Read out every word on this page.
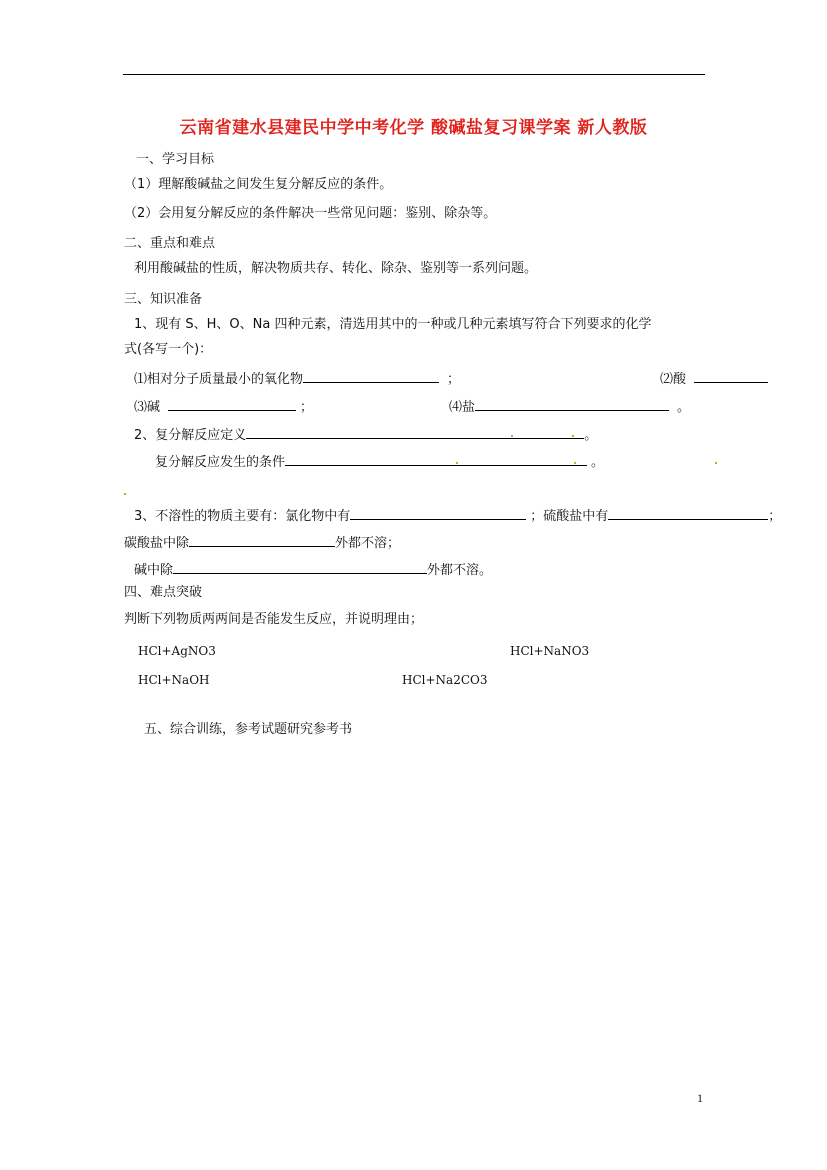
云南省建水县建民中学中考化学 酸碱盐复习课学案 新人教版
一、学习目标
（1）理解酸碱盐之间发生复分解反应的条件。
（2）会用复分解反应的条件解决一些常见问题：鉴别、除杂等。
二、重点和难点
利用酸碱盐的性质，解决物质共存、转化、除杂、鉴别等一系列问题。
三、知识准备
1、现有 S、H、O、Na 四种元素，清选用其中的一种或几种元素填写符合下列要求的化学
式(各写一个)：
⑴相对分子质量最小的氧化物	；	⑵酸
⑶碱	；	⑷盐	。
2、复分解反应定义	。
复分解反应发生的条件	。
3、不溶性的物质主要有：氯化物中有	；硫酸盐中有	；
碳酸盐中除	外都不溶；
碱中除	外都不溶。
四、难点突破
判断下列物质两两间是否能发生反应，并说明理由；
HCl+AgNO3	HCl+NaNO3
HCl+NaOH	HCl+Na2CO3
五、综合训练，参考试题研究参考书
1
